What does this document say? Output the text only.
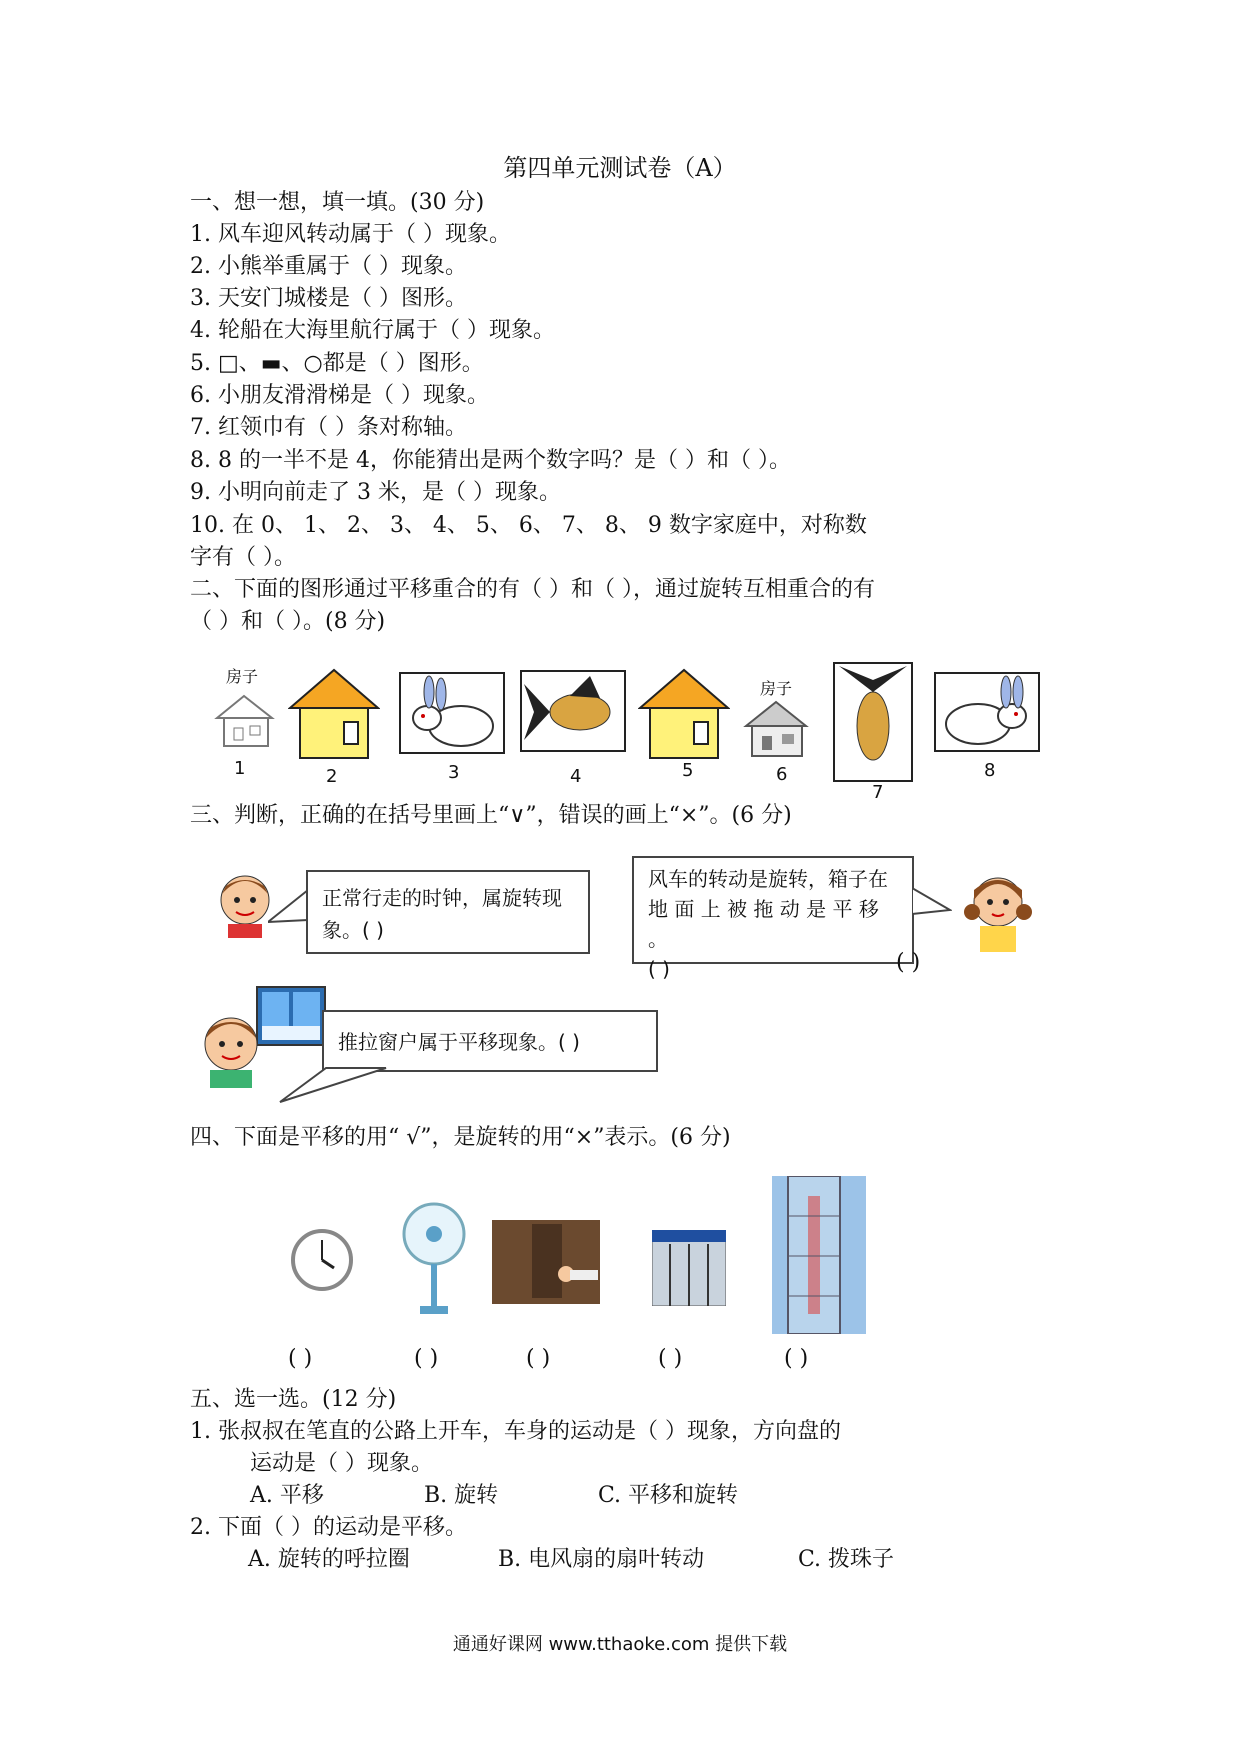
第四单元测试卷（A）
一、想一想，填一填。(30 分)
1. 风车迎风转动属于（ ）现象。
2. 小熊举重属于（ ）现象。
3. 天安门城楼是（ ）图形。
4. 轮船在大海里航行属于（ ）现象。
5. □、▬、○都是（ ）图形。
6. 小朋友滑滑梯是（ ）现象。
7. 红领巾有（ ）条对称轴。
8. 8 的一半不是 4，你能猜出是两个数字吗？是（ ）和（ ）。
9. 小明向前走了 3 米，是（ ）现象。
10. 在 0、 1、 2、 3、 4、 5、 6、 7、 8、 9 数字家庭中，对称数
字有（ ）。
二、下面的图形通过平移重合的有（ ）和（ ），通过旋转互相重合的有
（ ）和（ ）。(8 分)
房子
房子
1	2	3	4	5	6
7
8
三、判断，正确的在括号里画上“∨”，错误的画上“×”。(6 分)
正常行走的时钟，属旋转现
象。( )
风车的转动是旋转，箱子在
地 面 上 被 拖 动 是 平 移 。
( )	( )
推拉窗户属于平移现象。( )
四、下面是平移的用“ √”，是旋转的用“×”表示。(6 分)
( )	( )	( )	( )	( )
五、选一选。(12 分)
1. 张叔叔在笔直的公路上开车，车身的运动是（ ）现象，方向盘的
运动是（ ）现象。
A. 平移	B. 旋转	C. 平移和旋转
2. 下面（ ）的运动是平移。
A. 旋转的呼拉圈	B. 电风扇的扇叶转动	C. 拨珠子
通通好课网 www.tthaoke.com 提供下载
